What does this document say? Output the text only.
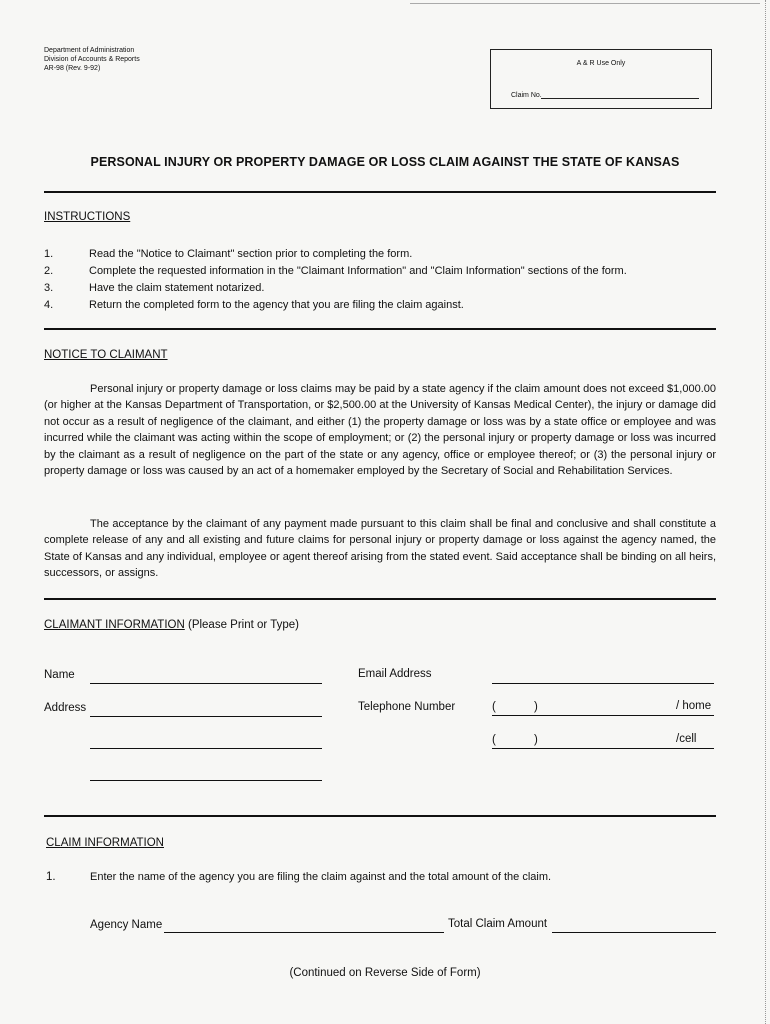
Department of Administration
Division of Accounts & Reports
AR-98 (Rev. 9-92)
A & R Use Only
Claim No.
PERSONAL INJURY OR PROPERTY DAMAGE OR LOSS CLAIM AGAINST THE STATE OF KANSAS
INSTRUCTIONS
1.	Read the "Notice to Claimant" section prior to completing the form.
2.	Complete the requested information in the "Claimant Information" and "Claim Information" sections of the form.
3.	Have the claim statement notarized.
4.	Return the completed form to the agency that you are filing the claim against.
NOTICE TO CLAIMANT
Personal injury or property damage or loss claims may be paid by a state agency if the claim amount does not exceed $1,000.00 (or higher at the Kansas Department of Transportation, or $2,500.00 at the University of Kansas Medical Center), the injury or damage did not occur as a result of negligence of the claimant, and either (1) the property damage or loss was by a state office or employee and was incurred while the claimant was acting within the scope of employment; or (2) the personal injury or property damage or loss was incurred by the claimant as a result of negligence on the part of the state or any agency, office or employee thereof; or (3) the personal injury or property damage or loss was caused by an act of a homemaker employed by the Secretary of Social and Rehabilitation Services.
The acceptance by the claimant of any payment made pursuant to this claim shall be final and conclusive and shall constitute a complete release of any and all existing and future claims for personal injury or property damage or loss against the agency named, the State of Kansas and any individual, employee or agent thereof arising from the stated event. Said acceptance shall be binding on all heirs, successors, or assigns.
CLAIMANT INFORMATION (Please Print or Type)
Name
Address
Email Address
Telephone Number	(	)	/ home
(	)	/cell
CLAIM INFORMATION
1.	Enter the name of the agency you are filing the claim against and the total amount of the claim.
Agency Name	Total Claim Amount
(Continued on Reverse Side of Form)
